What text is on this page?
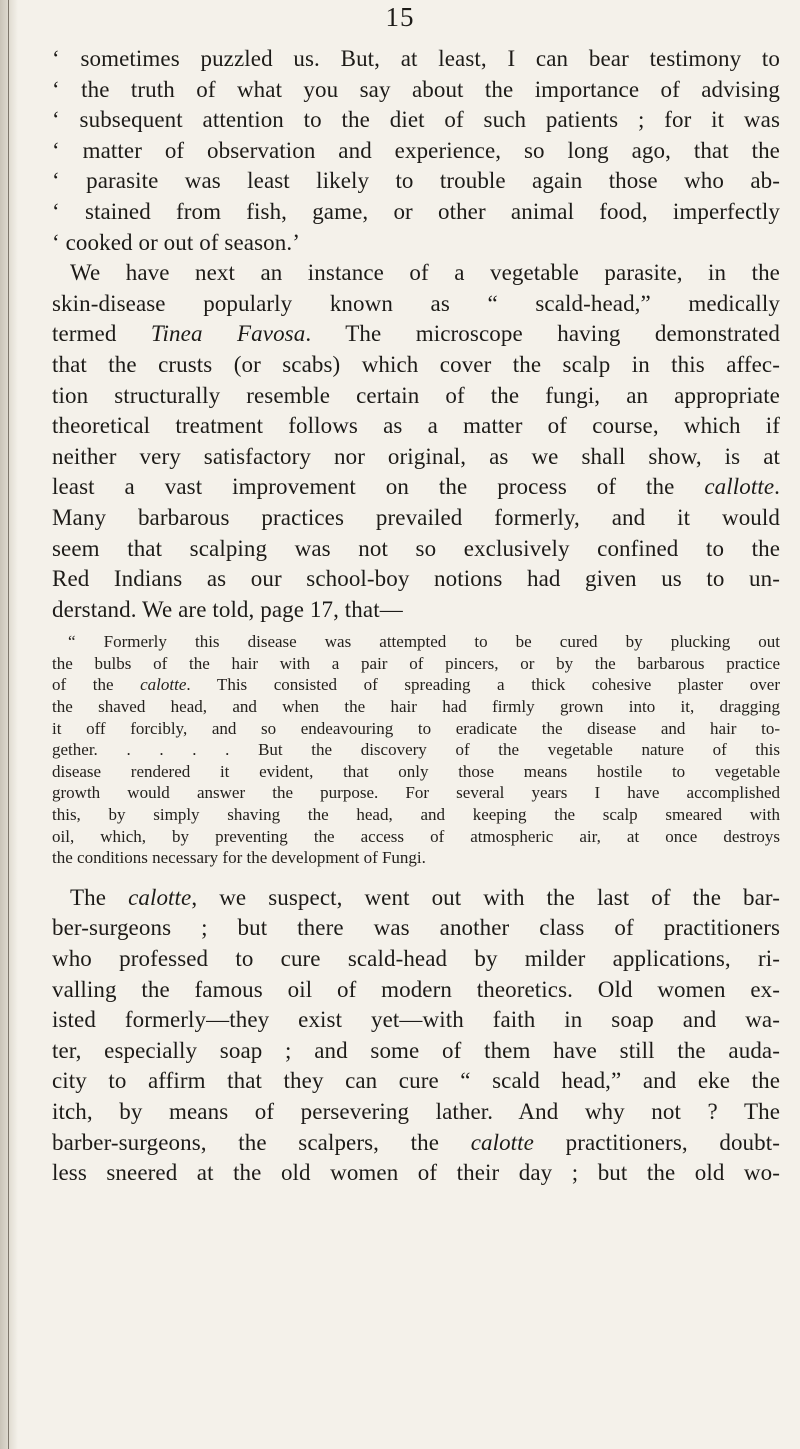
15
‘ sometimes puzzled us. But, at least, I can bear testimony to
‘ the truth of what you say about the importance of advising
‘ subsequent attention to the diet of such patients ; for it was
‘ matter of observation and experience, so long ago, that the
‘ parasite was least likely to trouble again those who ab-
‘ stained from fish, game, or other animal food, imperfectly
‘ cooked or out of season.’
We have next an instance of a vegetable parasite, in the
skin-disease popularly known as “ scald-head,” medically
termed Tinea Favosa. The microscope having demonstrated
that the crusts (or scabs) which cover the scalp in this affec-
tion structurally resemble certain of the fungi, an appropriate
theoretical treatment follows as a matter of course, which if
neither very satisfactory nor original, as we shall show, is at
least a vast improvement on the process of the callotte.
Many barbarous practices prevailed formerly, and it would
seem that scalping was not so exclusively confined to the
Red Indians as our school-boy notions had given us to un-
derstand. We are told, page 17, that—
“ Formerly this disease was attempted to be cured by plucking out
the bulbs of the hair with a pair of pincers, or by the barbarous practice
of the calotte. This consisted of spreading a thick cohesive plaster over
the shaved head, and when the hair had firmly grown into it, dragging
it off forcibly, and so endeavouring to eradicate the disease and hair to-
gether. . . . . But the discovery of the vegetable nature of this
disease rendered it evident, that only those means hostile to vegetable
growth would answer the purpose. For several years I have accomplished
this, by simply shaving the head, and keeping the scalp smeared with
oil, which, by preventing the access of atmospheric air, at once destroys
the conditions necessary for the development of Fungi.
The calotte, we suspect, went out with the last of the bar-
ber-surgeons ; but there was another class of practitioners
who professed to cure scald-head by milder applications, ri-
valling the famous oil of modern theoretics. Old women ex-
isted formerly—they exist yet—with faith in soap and wa-
ter, especially soap ; and some of them have still the auda-
city to affirm that they can cure “ scald head,” and eke the
itch, by means of persevering lather. And why not ? The
barber-surgeons, the scalpers, the calotte practitioners, doubt-
less sneered at the old women of their day ; but the old wo-
